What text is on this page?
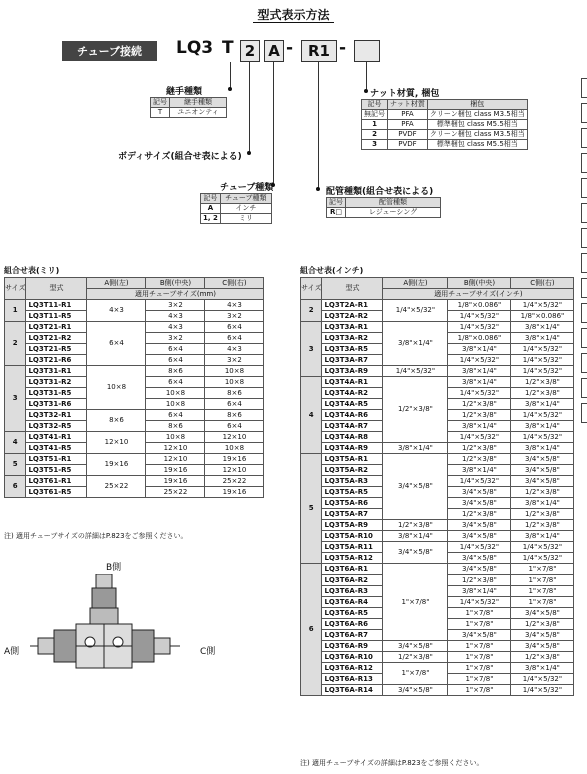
型式表示方法
チューブ接続	LQ3 T 2 A - R1 -
継手種類
記号	継手種類
T	ユニオンティ
ボディサイズ(組合せ表による)
チューブ種類
記号	チューブ種類
A	インチ
1, 2	ミリ
ナット材質, 梱包
記号	ナット材質	梱包
無記号	PFA	クリーン梱包 class M3.5相当
1	PFA	標準梱包 class M5.5相当
2	PVDF	クリーン梱包 class M3.5相当
3	PVDF	標準梱包 class M5.5相当
配管種類(組合せ表による)
記号	配管種類
R□	レジューシング
組合せ表(ミリ)
サイズ	型式	A側(左)	B側(中央)	C側(右)
		適用チューブサイズ(mm)		
1	LQ3T11-R1	4×3	3×2	4×3
	LQ3T11-R5		4×3	3×2
2	LQ3T21-R1	6×4	4×3	6×4
	LQ3T21-R2		3×2	6×4
	LQ3T21-R5		6×4	4×3
	LQ3T21-R6		6×4	3×2
3	LQ3T31-R1	10×8	8×6	10×8
	LQ3T31-R2		6×4	10×8
	LQ3T31-R5		10×8	8×6
	LQ3T31-R6		10×8	6×4
	LQ3T32-R1	8×6	6×4	8×6
	LQ3T32-R5		8×6	6×4
4	LQ3T41-R1	12×10	10×8	12×10
	LQ3T41-R5		12×10	10×8
5	LQ3T51-R1	19×16	12×10	19×16
	LQ3T51-R5		19×16	12×10
6	LQ3T61-R1	25×22	19×16	25×22
	LQ3T61-R5		25×22	19×16
注) 適用チューブサイズの詳細はP.823をご参照ください。
B側
A側	C側
組合せ表(インチ)
サイズ	型式	A側(左)	B側(中央)	C側(右)
		適用チューブサイズ(インチ)		
2	LQ3T2A-R1	1/4"×5/32"	1/8"×0.086"	1/4"×5/32"
	LQ3T2A-R2		1/4"×5/32"	1/8"×0.086"
3	LQ3T3A-R1	3/8"×1/4"	1/4"×5/32"	3/8"×1/4"
	LQ3T3A-R2		1/8"×0.086"	3/8"×1/4"
	LQ3T3A-R5		3/8"×1/4"	1/4"×5/32"
	LQ3T3A-R7		1/4"×5/32"	1/4"×5/32"
	LQ3T3A-R9	1/4"×5/32"	3/8"×1/4"	1/4"×5/32"
4	LQ3T4A-R1	1/2"×3/8"	3/8"×1/4"	1/2"×3/8"
	LQ3T4A-R2		1/4"×5/32"	1/2"×3/8"
	LQ3T4A-R5		1/2"×3/8"	3/8"×1/4"
	LQ3T4A-R6		1/2"×3/8"	1/4"×5/32"
	LQ3T4A-R7		3/8"×1/4"	3/8"×1/4"
	LQ3T4A-R8		1/4"×5/32"	1/4"×5/32"
	LQ3T4A-R9	3/8"×1/4"	1/2"×3/8"	3/8"×1/4"
5	LQ3T5A-R1	3/4"×5/8"	1/2"×3/8"	3/4"×5/8"
	LQ3T5A-R2		3/8"×1/4"	3/4"×5/8"
	LQ3T5A-R3		1/4"×5/32"	3/4"×5/8"
	LQ3T5A-R5		3/4"×5/8"	1/2"×3/8"
	LQ3T5A-R6		3/4"×5/8"	3/8"×1/4"
	LQ3T5A-R7		1/2"×3/8"	1/2"×3/8"
	LQ3T5A-R9	1/2"×3/8"	3/4"×5/8"	1/2"×3/8"
	LQ3T5A-R10	3/8"×1/4"	3/4"×5/8"	3/8"×1/4"
	LQ3T5A-R11	3/4"×5/8"	1/4"×5/32"	1/4"×5/32"
	LQ3T5A-R12		3/4"×5/8"	1/4"×5/32"
6	LQ3T6A-R1	1"×7/8"	3/4"×5/8"	1"×7/8"
	LQ3T6A-R2		1/2"×3/8"	1"×7/8"
	LQ3T6A-R3		3/8"×1/4"	1"×7/8"
	LQ3T6A-R4		1/4"×5/32"	1"×7/8"
	LQ3T6A-R5		1"×7/8"	3/4"×5/8"
	LQ3T6A-R6		1"×7/8"	1/2"×3/8"
	LQ3T6A-R7		3/4"×5/8"	3/4"×5/8"
	LQ3T6A-R9	3/4"×5/8"	1"×7/8"	3/4"×5/8"
	LQ3T6A-R10	1/2"×3/8"	1"×7/8"	1/2"×3/8"
	LQ3T6A-R12	1"×7/8"	1"×7/8"	3/8"×1/4"
	LQ3T6A-R13		1"×7/8"	1/4"×5/32"
	LQ3T6A-R14	3/4"×5/8"	1"×7/8"	1/4"×5/32"
注) 適用チューブサイズの詳細はP.823をご参照ください。
